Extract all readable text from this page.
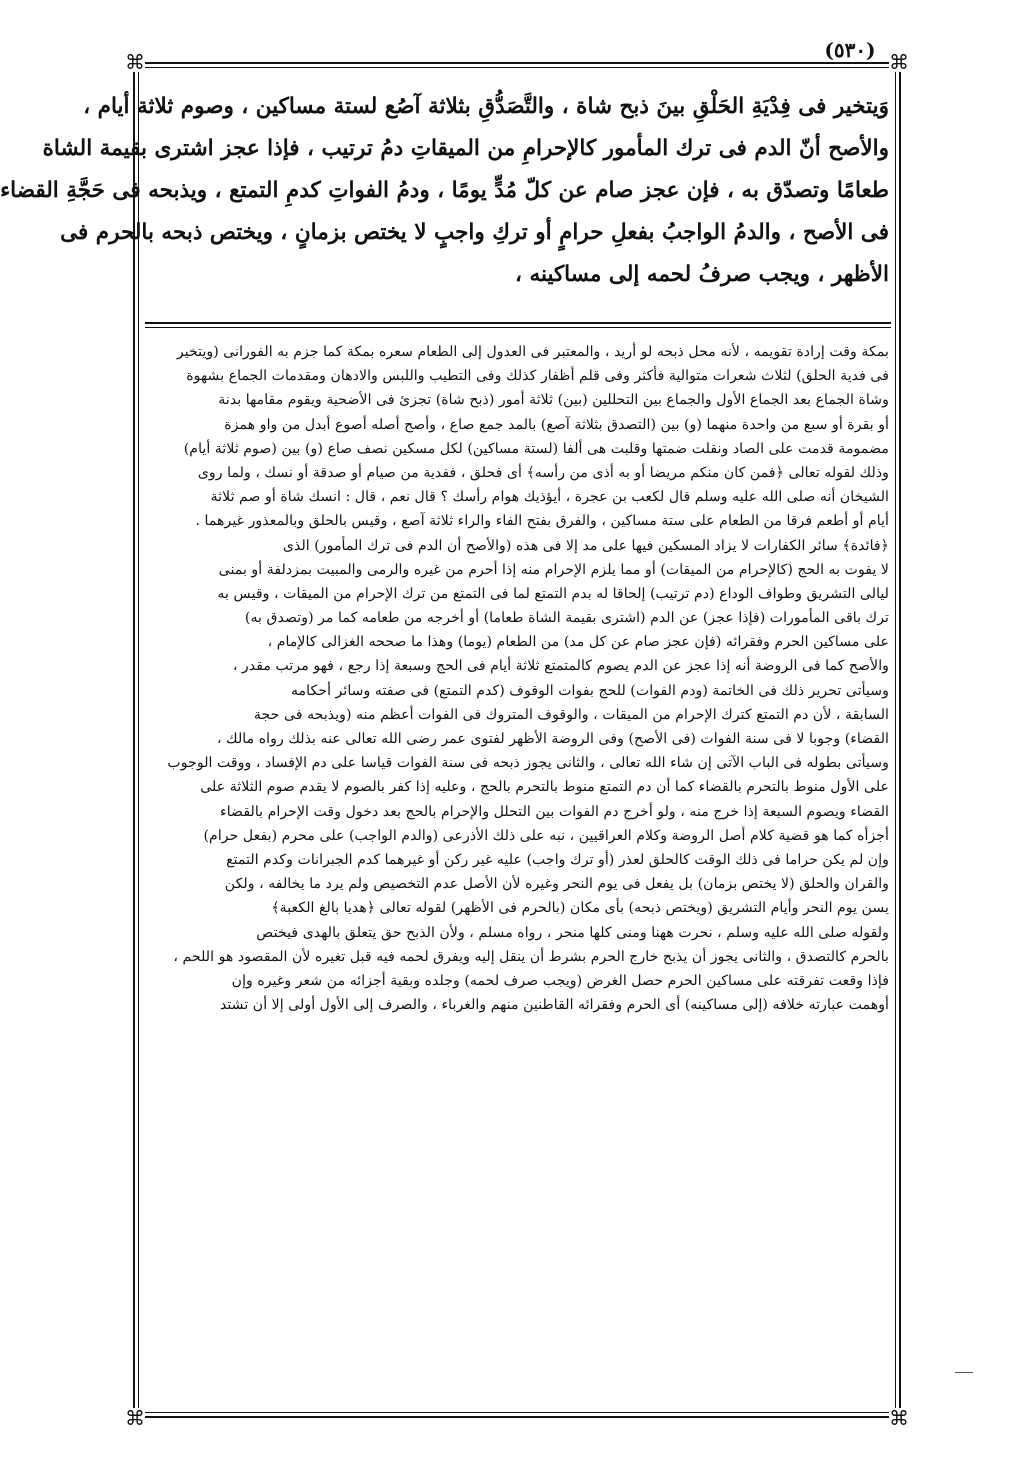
(٥٣٠)
⌘	⌘
⌘	⌘
وَيتخير فى فِدْيَةِ الحَلْقِ بينَ ذبح شاة ، والتَّصَدُّقِ بثلاثة آصُع لستة مساكين ، وصوم ثلاثة أيام ،
والأصح أنّ الدم فى ترك المأمور كالإحرامِ من الميقاتِ دمُ ترتيب ، فإذا عجز اشترى بقيمة الشاة
طعامًا وتصدّق به ، فإن عجز صام عن كلّ مُدٍّ يومًا ، ودمُ الفواتِ كدمِ التمتع ، ويذبحه فى حَجَّةِ القضاء
فى الأصح ، والدمُ الواجبُ بفعلِ حرامٍ أو تركِ واجبٍ لا يختص بزمانٍ ، ويختص ذبحه بالحرم فى
الأظهر ، ويجب صرفُ لحمه إلى مساكينه ،
بمكة وقت إرادة تقويمه ، لأنه محل ذبحه لو أريد ، والمعتبر فى العدول إلى الطعام سعره بمكة كما جزم به الفورانى (ويتخير
فى فدية الحلق) لثلاث شعرات متوالية فأكثر وفى قلم أظفار كذلك وفى التطيب واللبس والادهان ومقدمات الجماع بشهوة
وشاة الجماع بعد الجماع الأول والجماع بين التحللين (بين) ثلاثة أمور (ذبح شاة) تجزئ فى الأضحية ويقوم مقامها بدنة
أو بقرة أو سبع من واحدة منهما (و) بين (التصدق بثلاثة آصع) بالمد جمع صاع ، وأصح أصله أصوع أبدل من واو همزة
مضمومة قدمت على الصاد ونقلت ضمتها وقلبت هى ألفا (لستة مساكين) لكل مسكين نصف صاع (و) بين (صوم ثلاثة أيام)
وذلك لقوله تعالى ﴿فمن كان منكم مريضا أو به أذى من رأسه﴾ أى فحلق ، ففدية من صيام أو صدقة أو نسك ، ولما روى
الشيخان أنه صلى الله عليه وسلم قال لكعب بن عجرة ، أيؤذيك هوام رأسك ؟ قال نعم ، قال : انسك شاة أو صم ثلاثة
أيام أو أطعم فرقا من الطعام على ستة مساكين ، والفرق بفتح الفاء والراء ثلاثة آصع ، وقيس بالحلق وبالمعذور غيرهما .
﴿فائدة﴾ سائر الكفارات لا يزاد المسكين فيها على مد إلا فى هذه (والأصح أن الدم فى ترك المأمور) الذى
لا يفوت به الحج (كالإحرام من الميقات) أو مما يلزم الإحرام منه إذا أحرم من غيره والرمى والمبيت بمزدلفة أو بمنى
ليالى التشريق وطواف الوداع (دم ترتيب) إلحاقا له بدم التمتع لما فى التمتع من ترك الإحرام من الميقات ، وقيس به
ترك باقى المأمورات (فإذا عجز) عن الدم (اشترى بقيمة الشاة طعاما) أو أخرجه من طعامه كما مر (وتصدق به)
على مساكين الحرم وفقرائه (فإن عجز صام عن كل مد) من الطعام (يوما) وهذا ما صححه الغزالى كالإمام ،
والأصح كما فى الروضة أنه إذا عجز عن الدم يصوم كالمتمتع ثلاثة أيام فى الحج وسبعة إذا رجع ، فهو مرتب مقدر ،
وسيأتى تحرير ذلك فى الخاتمة (ودم الفوات) للحج بفوات الوقوف (كدم التمتع) فى صفته وسائر أحكامه
السابقة ، لأن دم التمتع كترك الإحرام من الميقات ، والوقوف المتروك فى الفوات أعظم منه (ويذبحه فى حجة
القضاء) وجوبا لا فى سنة الفوات (فى الأصح) وفى الروضة الأظهر لفتوى عمر رضى الله تعالى عنه بذلك رواه مالك ،
وسيأتى بطوله فى الباب الآتى إن شاء الله تعالى ، والثانى يجوز ذبحه فى سنة الفوات قياسا على دم الإفساد ، ووقت الوجوب
على الأول منوط بالتحرم بالقضاء كما أن دم التمتع منوط بالتحرم بالحج ، وعليه إذا كفر بالصوم لا يقدم صوم الثلاثة على
القضاء ويصوم السبعة إذا خرج منه ، ولو أخرج دم الفوات بين التحلل والإحرام بالحج بعد دخول وقت الإحرام بالقضاء
أجزأه كما هو قضية كلام أصل الروضة وكلام العراقيين ، نبه على ذلك الأذرعى (والدم الواجب) على محرم (بفعل حرام)
وإن لم يكن حراما فى ذلك الوقت كالحلق لعذر (أو ترك واجب) عليه غير ركن أو غيرهما كدم الجبرانات وكدم التمتع
والقران والحلق (لا يختص بزمان) بل يفعل فى يوم النحر وغيره لأن الأصل عدم التخصيص ولم يرد ما يخالفه ، ولكن
يسن يوم النحر وأيام التشريق (ويختص ذبحه) بأى مكان (بالحرم فى الأظهر) لقوله تعالى ﴿هديا بالغ الكعبة﴾
ولقوله صلى الله عليه وسلم ، نحرت ههنا ومنى كلها منحر ، رواه مسلم ، ولأن الذبح حق يتعلق بالهدى فيختص
بالحرم كالتصدق ، والثانى يجوز أن يذبح خارج الحرم بشرط أن ينقل إليه ويفرق لحمه فيه قبل تغيره لأن المقصود هو اللحم ،
فإذا وقعت تفرقته على مساكين الحرم حصل الغرض (ويجب صرف لحمه) وجلده وبقية أجزائه من شعر وغيره وإن
أوهمت عبارته خلافه (إلى مساكينه) أى الحرم وفقرائه القاطنين منهم والغرباء ، والصرف إلى الأول أولى إلا أن تشتد
